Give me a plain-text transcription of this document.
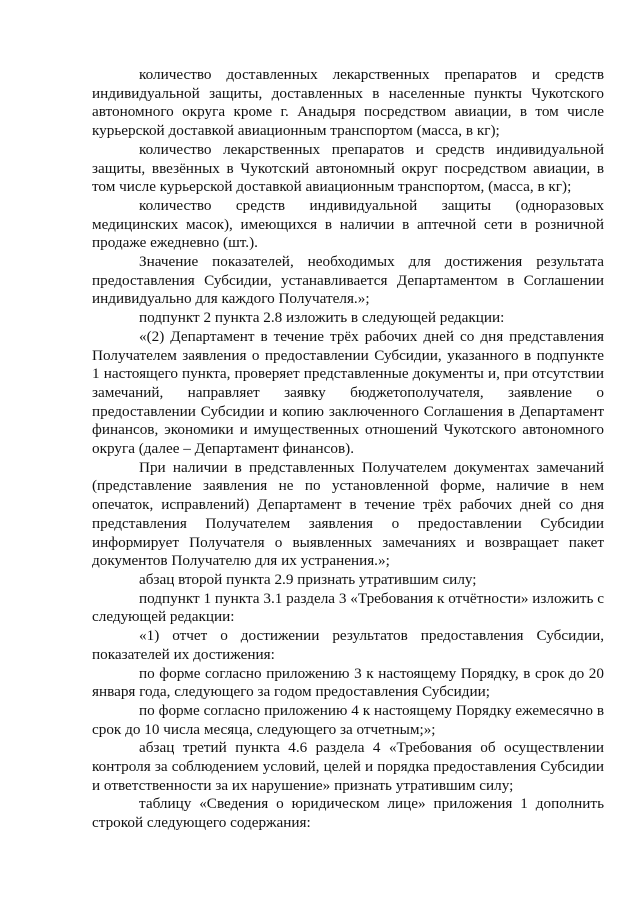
количество доставленных лекарственных препаратов и средств индивидуальной защиты, доставленных в населенные пункты Чукотского автономного округа кроме г. Анадыря посредством авиации, в том числе курьерской доставкой авиационным транспортом (масса, в кг);

количество лекарственных препаратов и средств индивидуальной защиты, ввезённых в Чукотский автономный округ посредством авиации, в том числе курьерской доставкой авиационным транспортом, (масса, в кг);

количество средств индивидуальной защиты (одноразовых медицинских масок), имеющихся в наличии в аптечной сети в розничной продаже ежедневно (шт.).

Значение показателей, необходимых для достижения результата предоставления Субсидии, устанавливается Департаментом в Соглашении индивидуально для каждого Получателя.»;

подпункт 2 пункта 2.8 изложить в следующей редакции:

«(2) Департамент в течение трёх рабочих дней со дня представления Получателем заявления о предоставлении Субсидии, указанного в подпункте 1 настоящего пункта, проверяет представленные документы и, при отсутствии замечаний, направляет заявку бюджетополучателя, заявление о предоставлении Субсидии и копию заключенного Соглашения в Департамент финансов, экономики и имущественных отношений Чукотского автономного округа (далее – Департамент финансов).

При наличии в представленных Получателем документах замечаний (представление заявления не по установленной форме, наличие в нем опечаток, исправлений) Департамент в течение трёх рабочих дней со дня представления Получателем заявления о предоставлении Субсидии информирует Получателя о выявленных замечаниях и возвращает пакет документов Получателю для их устранения.»;

абзац второй пункта 2.9 признать утратившим силу;

подпункт 1 пункта 3.1 раздела 3 «Требования к отчётности» изложить с следующей редакции:

«1) отчет о достижении результатов предоставления Субсидии, показателей их достижения:

по форме согласно приложению 3 к настоящему Порядку, в срок до 20 января года, следующего за годом предоставления Субсидии;

по форме согласно приложению 4 к настоящему Порядку ежемесячно в срок до 10 числа месяца, следующего за отчетным;»;

абзац третий пункта 4.6 раздела 4 «Требования об осуществлении контроля за соблюдением условий, целей и порядка предоставления Субсидии и ответственности за их нарушение» признать утратившим силу;

таблицу «Сведения о юридическом лице» приложения 1 дополнить строкой следующего содержания:
